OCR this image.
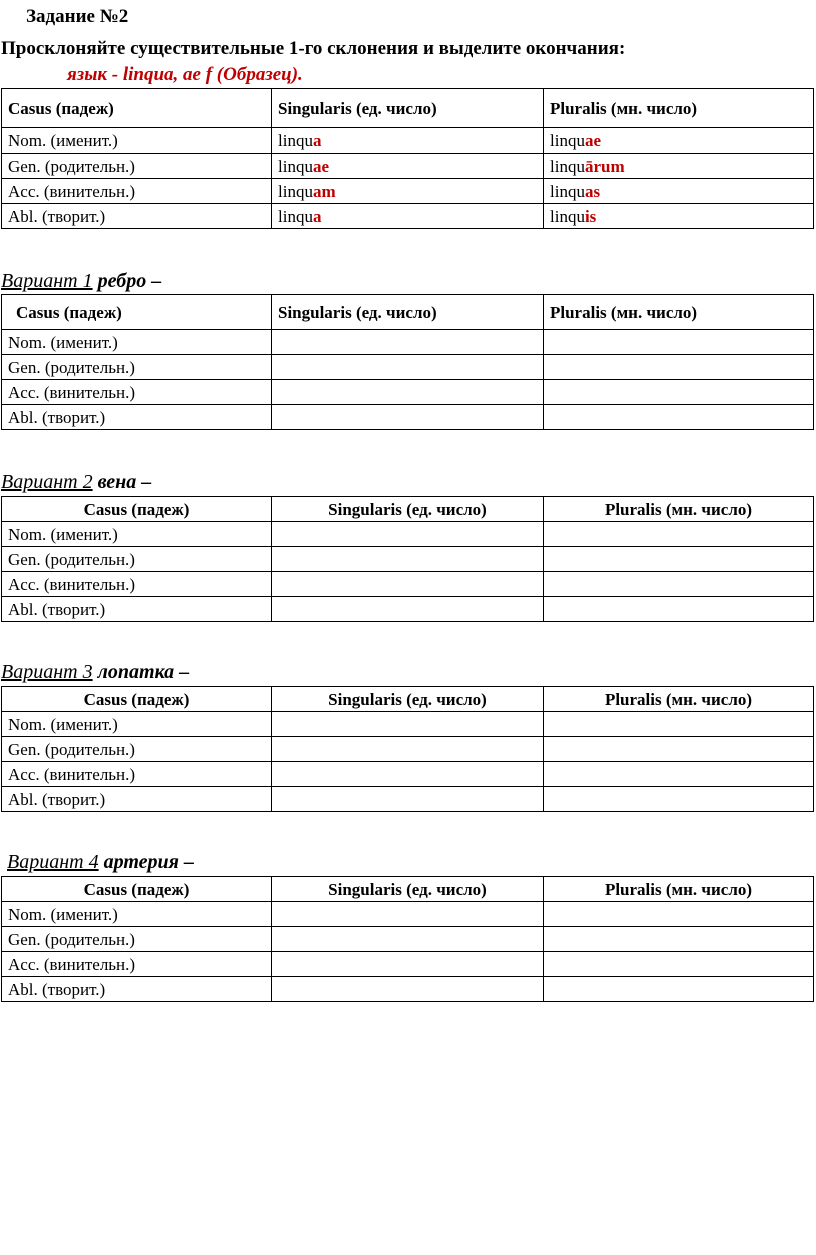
Задание №2
Просклоняйте существительные 1-го склонения и выделите окончания:
язык - linqua, ae f (Образец).
Casus (падеж)	Singularis (ед. число)	Pluralis (мн. число)
Nom. (именит.)	linqua	linquae
Gen. (родительн.)	linquae	linquārum
Acc. (винительн.)	linquam	linquas
Abl. (творит.)	linqua	linquis
Вариант 1 ребро –
Casus (падеж)	Singularis (ед. число)	Pluralis (мн. число)
Nom. (именит.)		
Gen. (родительн.)		
Acc. (винительн.)		
Abl. (творит.)		
Вариант 2 вена –
Casus (падеж)	Singularis (ед. число)	Pluralis (мн. число)
Nom. (именит.)		
Gen. (родительн.)		
Acc. (винительн.)		
Abl. (творит.)		
Вариант 3 лопатка –
Casus (падеж)	Singularis (ед. число)	Pluralis (мн. число)
Nom. (именит.)		
Gen. (родительн.)		
Acc. (винительн.)		
Abl. (творит.)		
Вариант 4 артерия –
Casus (падеж)	Singularis (ед. число)	Pluralis (мн. число)
Nom. (именит.)		
Gen. (родительн.)		
Acc. (винительн.)		
Abl. (творит.)		
